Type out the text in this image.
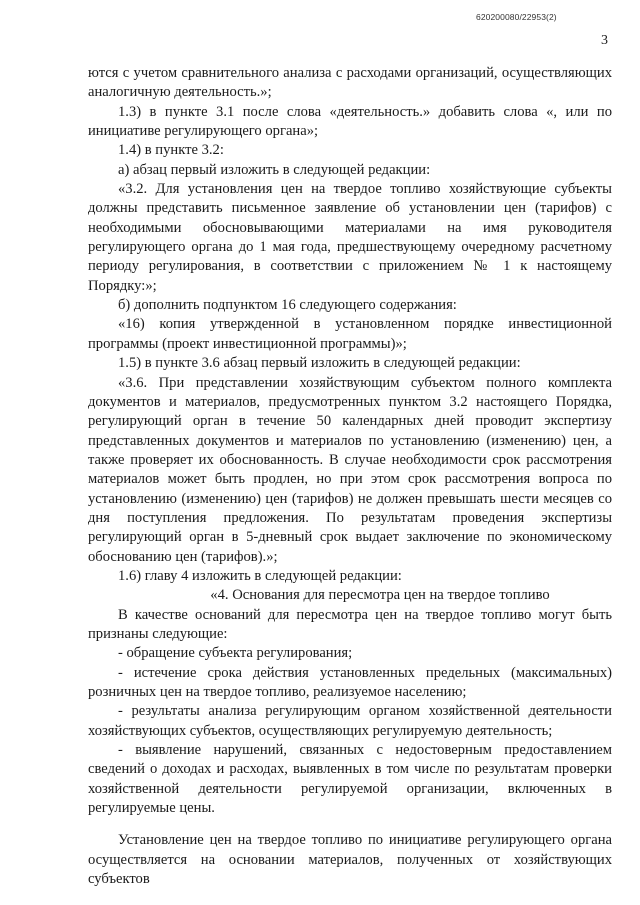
620200080/22953(2)
3

ются с учетом сравнительного анализа с расходами организаций, осуществляющих аналогичную деятельность.»;

1.3) в пункте 3.1 после слова «деятельность.» добавить слова «, или по инициативе регулирующего органа»;

1.4) в пункте 3.2:

а) абзац первый изложить в следующей редакции:

«3.2. Для установления цен на твердое топливо хозяйствующие субъекты должны представить письменное заявление об установлении цен (тарифов) с необходимыми обосновывающими материалами на имя руководителя регулирующего органа до 1 мая года, предшествующему очередному расчетному периоду регулирования, в соответствии с приложением № 1 к настоящему Порядку:»;

б) дополнить подпунктом 16 следующего содержания:

«16) копия утвержденной в установленном порядке инвестиционной программы (проект инвестиционной программы)»;

1.5) в пункте 3.6 абзац первый изложить в следующей редакции:

«3.6. При представлении хозяйствующим субъектом полного комплекта документов и материалов, предусмотренных пунктом 3.2 настоящего Порядка, регулирующий орган в течение 50 календарных дней проводит экспертизу представленных документов и материалов по установлению (изменению) цен, а также проверяет их обоснованность. В случае необходимости срок рассмотрения материалов может быть продлен, но при этом срок рассмотрения вопроса по установлению (изменению) цен (тарифов) не должен превышать шести месяцев со дня поступления предложения. По результатам проведения экспертизы регулирующий орган в 5-дневный срок выдает заключение по экономическому обоснованию цен (тарифов).»;

1.6) главу 4 изложить в следующей редакции:

«4. Основания для пересмотра цен на твердое топливо

В качестве оснований для пересмотра цен на твердое топливо могут быть признаны следующие:

- обращение субъекта регулирования;

- истечение срока действия установленных предельных (максимальных) розничных цен на твердое топливо, реализуемое населению;

- результаты анализа регулирующим органом хозяйственной деятельности хозяйствующих субъектов, осуществляющих регулируемую деятельность;

- выявление нарушений, связанных с недостоверным предоставлением сведений о доходах и расходах, выявленных в том числе по результатам проверки хозяйственной деятельности регулируемой организации, включенных в регулируемые цены.

Установление цен на твердое топливо по инициативе регулирующего органа осуществляется на основании материалов, полученных от хозяйствующих субъектов
